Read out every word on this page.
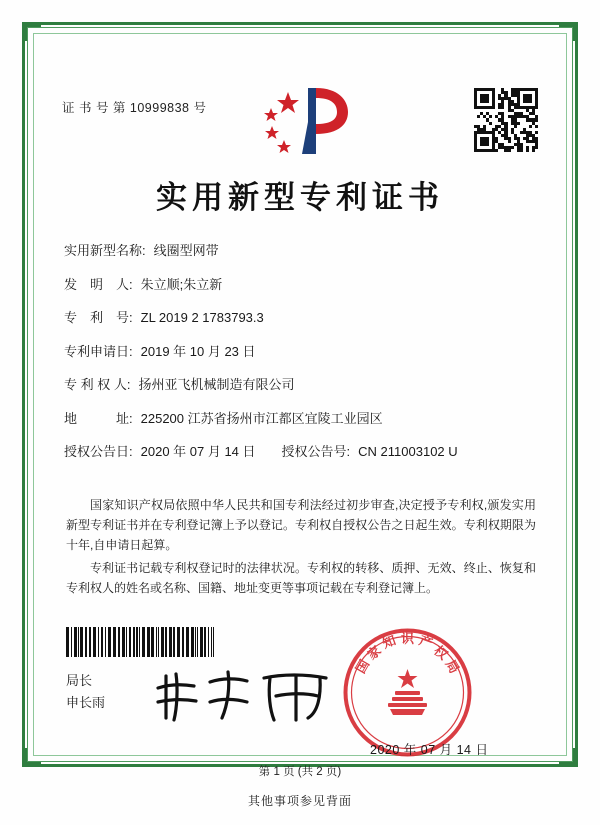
证 书 号 第 10999838 号
实用新型专利证书
实用新型名称: 线圈型网带
发　明　人: 朱立顺;朱立新
专　利　号: ZL 2019 2 1783793.3
专利申请日: 2019 年 10 月 23 日
专 利 权 人: 扬州亚飞机械制造有限公司
地　　　址: 225200 江苏省扬州市江都区宜陵工业园区
授权公告日: 2020 年 07 月 14 日 授权公告号: CN 211003102 U

国家知识产权局依照中华人民共和国专利法经过初步审查,决定授予专利权,颁发实用新型专利证书并在专利登记簿上予以登记。专利权自授权公告之日起生效。专利权期限为十年,自申请日起算。

专利证书记载专利权登记时的法律状况。专利权的转移、质押、无效、终止、恢复和专利权人的姓名或名称、国籍、地址变更等事项记载在专利登记簿上。

局长
申长雨
国
家
知 识 产
权
局
2020 年 07 月 14 日
第 1 页 (共 2 页)
其他事项参见背面
